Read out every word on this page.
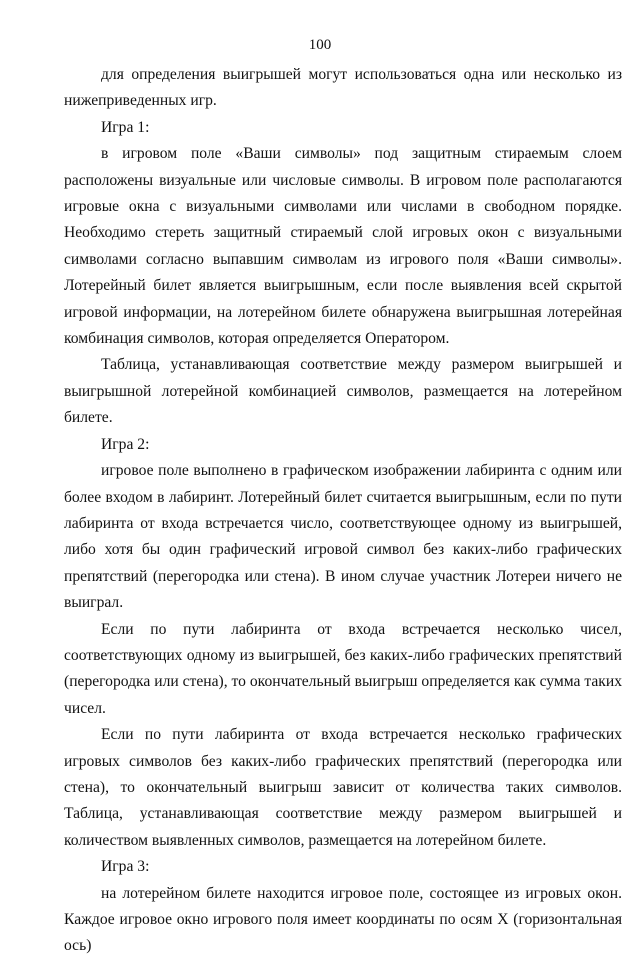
100

для определения выигрышей могут использоваться одна или несколько из нижеприведенных игр.

Игра 1:

в игровом поле «Ваши символы» под защитным стираемым слоем расположены визуальные или числовые символы. В игровом поле располагаются игровые окна с визуальными символами или числами в свободном порядке. Необходимо стереть защитный стираемый слой игровых окон с визуальными символами согласно выпавшим символам из игрового поля «Ваши символы». Лотерейный билет является выигрышным, если после выявления всей скрытой игровой информации, на лотерейном билете обнаружена выигрышная лотерейная комбинация символов, которая определяется Оператором.

Таблица, устанавливающая соответствие между размером выигрышей и выигрышной лотерейной комбинацией символов, размещается на лотерейном билете.

Игра 2:

игровое поле выполнено в графическом изображении лабиринта с одним или более входом в лабиринт. Лотерейный билет считается выигрышным, если по пути лабиринта от входа встречается число, соответствующее одному из выигрышей, либо хотя бы один графический игровой символ без каких-либо графических препятствий (перегородка или стена). В ином случае участник Лотереи ничего не выиграл.

Если по пути лабиринта от входа встречается несколько чисел, соответствующих одному из выигрышей, без каких-либо графических препятствий (перегородка или стена), то окончательный выигрыш определяется как сумма таких чисел.

Если по пути лабиринта от входа встречается несколько графических игровых символов без каких-либо графических препятствий (перегородка или стена), то окончательный выигрыш зависит от количества таких символов. Таблица, устанавливающая соответствие между размером выигрышей и количеством выявленных символов, размещается на лотерейном билете.

Игра 3:

на лотерейном билете находится игровое поле, состоящее из игровых окон. Каждое игровое окно игрового поля имеет координаты по осям X (горизонтальная ось)
